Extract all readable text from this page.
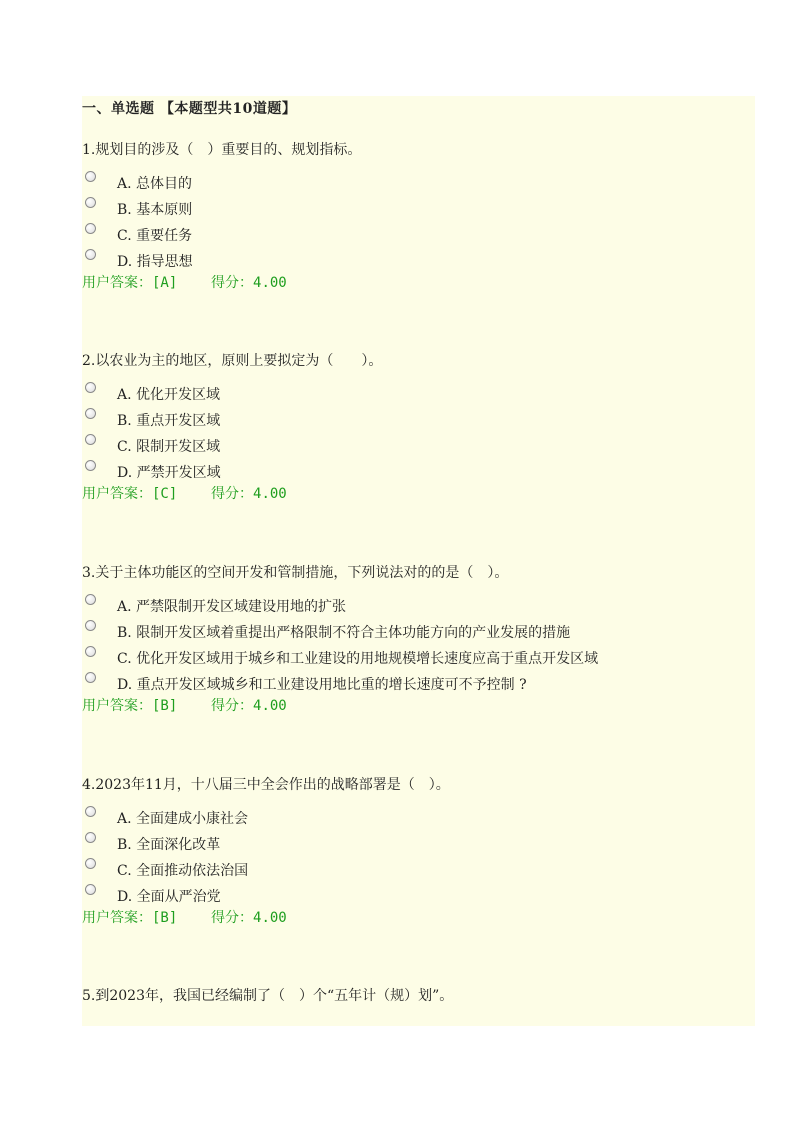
一、单选题 【本题型共10道题】

1.规划目的涉及（　）重要目的、规划指标。

A. 总体目的
B. 基本原则
C. 重要任务
D. 指导思想
用户答案：[A] 得分：4.00

2.以农业为主的地区，原则上要拟定为（　　）。

A. 优化开发区域
B. 重点开发区域
C. 限制开发区域
D. 严禁开发区域
用户答案：[C] 得分：4.00

3.关于主体功能区的空间开发和管制措施，下列说法对的的是（　）。

A. 严禁限制开发区域建设用地的扩张
B. 限制开发区域着重提出严格限制不符合主体功能方向的产业发展的措施
C. 优化开发区域用于城乡和工业建设的用地规模增长速度应高于重点开发区域
D. 重点开发区域城乡和工业建设用地比重的增长速度可不予控制 ?
用户答案：[B] 得分：4.00

4.2023年11月，十八届三中全会作出的战略部署是（　）。

A. 全面建成小康社会
B. 全面深化改革
C. 全面推动依法治国
D. 全面从严治党
用户答案：[B] 得分：4.00

5.到2023年，我国已经编制了（　）个“五年计（规）划”。
